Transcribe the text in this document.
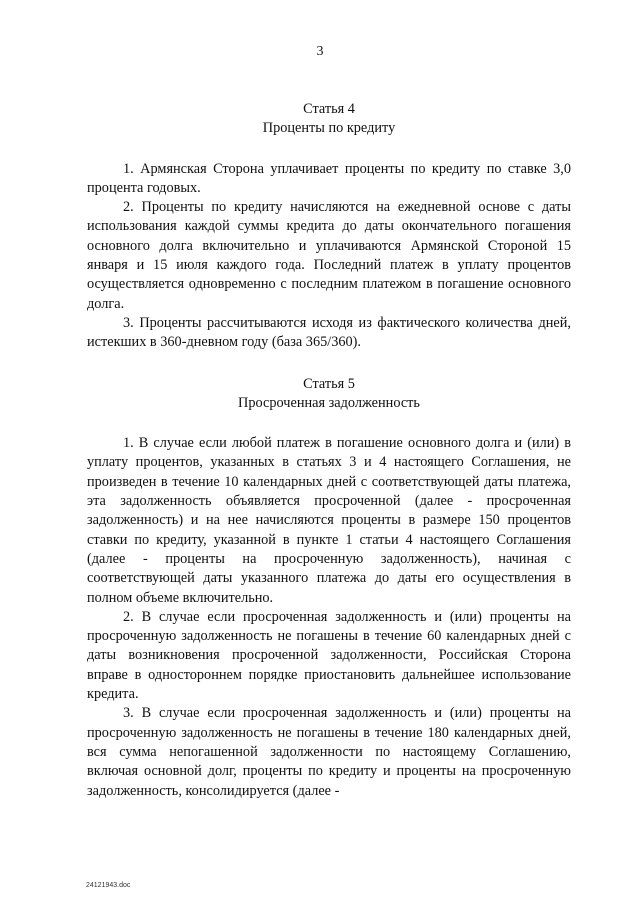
3
Статья 4
Проценты по кредиту

1. Армянская Сторона уплачивает проценты по кредиту по ставке 3,0 процента годовых.

2. Проценты по кредиту начисляются на ежедневной основе с даты использования каждой суммы кредита до даты окончательного погашения основного долга включительно и уплачиваются Армянской Стороной 15 января и 15 июля каждого года. Последний платеж в уплату процентов осуществляется одновременно с последним платежом в погашение основного долга.

3. Проценты рассчитываются исходя из фактического количества дней, истекших в 360-дневном году (база 365/360).

Статья 5
Просроченная задолженность

1. В случае если любой платеж в погашение основного долга и (или) в уплату процентов, указанных в статьях 3 и 4 настоящего Соглашения, не произведен в течение 10 календарных дней с соответствующей даты платежа, эта задолженность объявляется просроченной (далее - просроченная задолженность) и на нее начисляются проценты в размере 150 процентов ставки по кредиту, указанной в пункте 1 статьи 4 настоящего Соглашения (далее - проценты на просроченную задолженность), начиная с соответствующей даты указанного платежа до даты его осуществления в полном объеме включительно.

2. В случае если просроченная задолженность и (или) проценты на просроченную задолженность не погашены в течение 60 календарных дней с даты возникновения просроченной задолженности, Российская Сторона вправе в одностороннем порядке приостановить дальнейшее использование кредита.

3. В случае если просроченная задолженность и (или) проценты на просроченную задолженность не погашены в течение 180 календарных дней, вся сумма непогашенной задолженности по настоящему Соглашению, включая основной долг, проценты по кредиту и проценты на просроченную задолженность, консолидируется (далее -

24121943.doc
